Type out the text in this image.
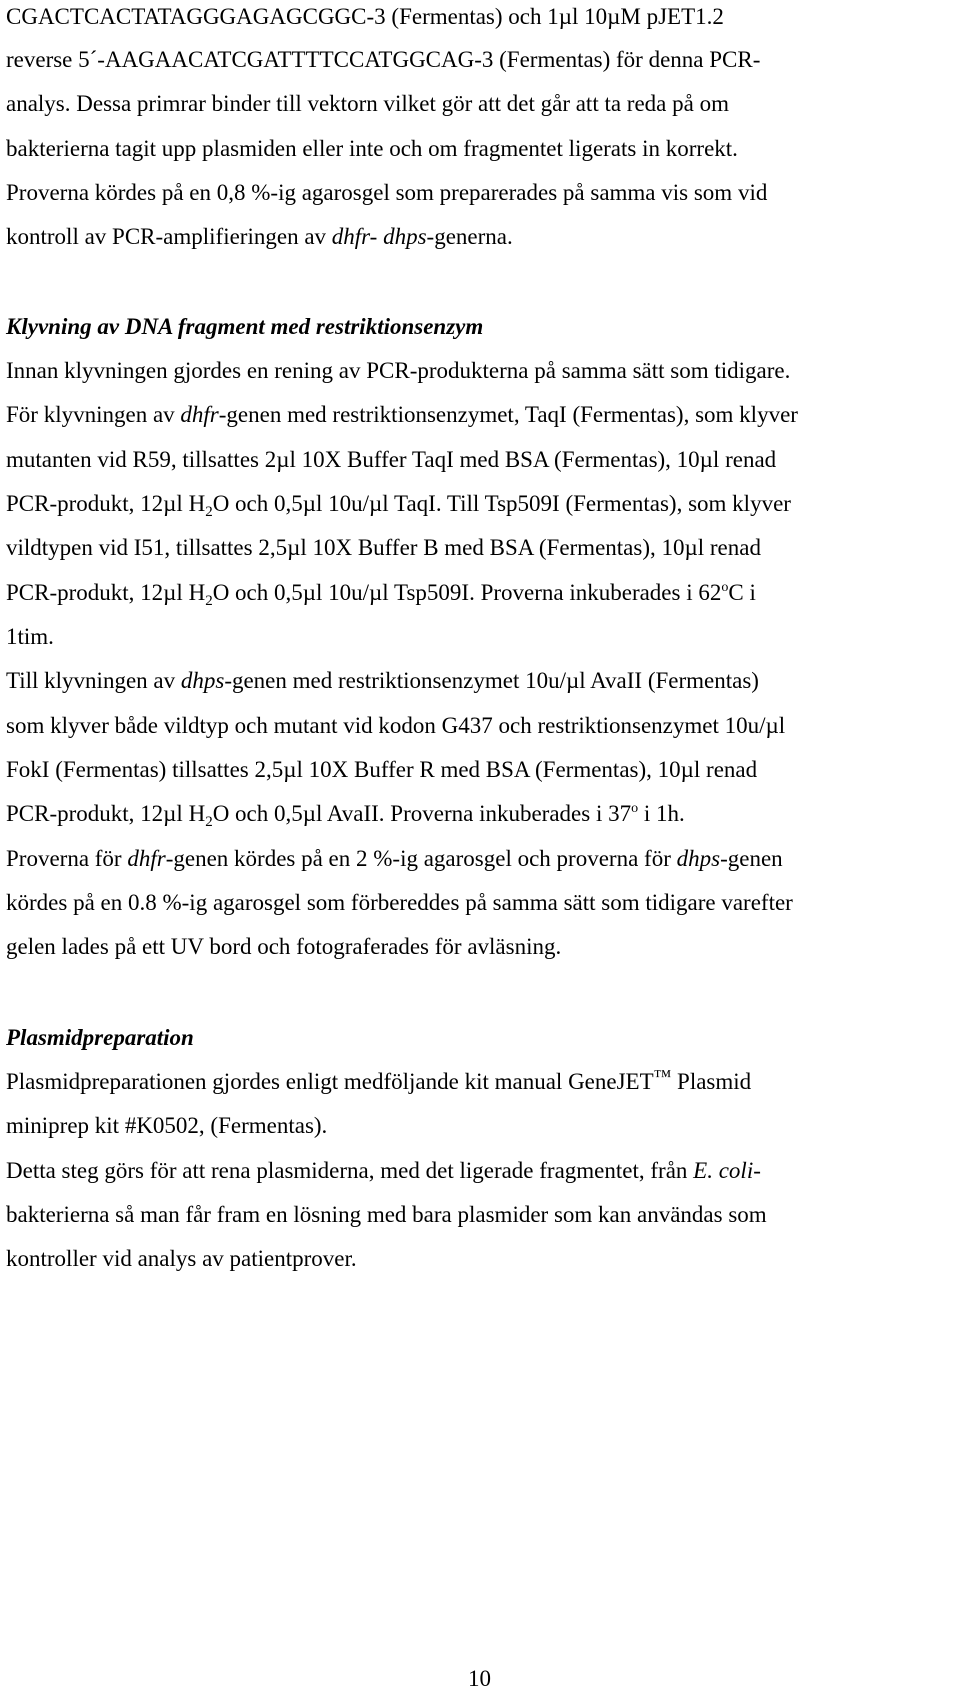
CGACTCACTATAGGGAGAGCGGC-3 (Fermentas) och 1µl 10µM pJET1.2
reverse 5´-AAGAACATCGATTTTCCATGGCAG-3 (Fermentas) för denna PCR-
analys. Dessa primrar binder till vektorn vilket gör att det går att ta reda på om
bakterierna tagit upp plasmiden eller inte och om fragmentet ligerats in korrekt.
Proverna kördes på en 0,8 %-ig agarosgel som preparerades på samma vis som vid
kontroll av PCR-amplifieringen av dhfr- dhps-generna.
Klyvning av DNA fragment med restriktionsenzym
Innan klyvningen gjordes en rening av PCR-produkterna på samma sätt som tidigare.
För klyvningen av dhfr-genen med restriktionsenzymet, TaqI (Fermentas), som klyver
mutanten vid R59, tillsattes 2µl 10X Buffer TaqI med BSA (Fermentas), 10µl renad
PCR-produkt, 12µl $H_2O$ och 0,5µl 10u/µl TaqI. Till Tsp509I (Fermentas), som klyver
vildtypen vid I51, tillsattes 2,5µl 10X Buffer B med BSA (Fermentas), 10µl renad
PCR-produkt, 12µl $H_2O$ och 0,5µl 10u/µl Tsp509I. Proverna inkuberades i 62$^o$C i
1tim.
Till klyvningen av dhps-genen med restriktionsenzymet 10u/µl AvaII (Fermentas)
som klyver både vildtyp och mutant vid kodon G437 och restriktionsenzymet 10u/µl
FokI (Fermentas) tillsattes 2,5µl 10X Buffer R med BSA (Fermentas), 10µl renad
PCR-produkt, 12µl $H_2O$ och 0,5µl AvaII. Proverna inkuberades i 37$^o$ i 1h.
Proverna för dhfr-genen kördes på en 2 %-ig agarosgel och proverna för dhps-genen
kördes på en 0.8 %-ig agarosgel som förbereddes på samma sätt som tidigare varefter
gelen lades på ett UV bord och fotograferades för avläsning.
Plasmidpreparation
Plasmidpreparationen gjordes enligt medföljande kit manual GeneJET™ Plasmid
miniprep kit #K0502, (Fermentas).
Detta steg görs för att rena plasmiderna, med det ligerade fragmentet, från E. coli-
bakterierna så man får fram en lösning med bara plasmider som kan användas som
kontroller vid analys av patientprover.
10
